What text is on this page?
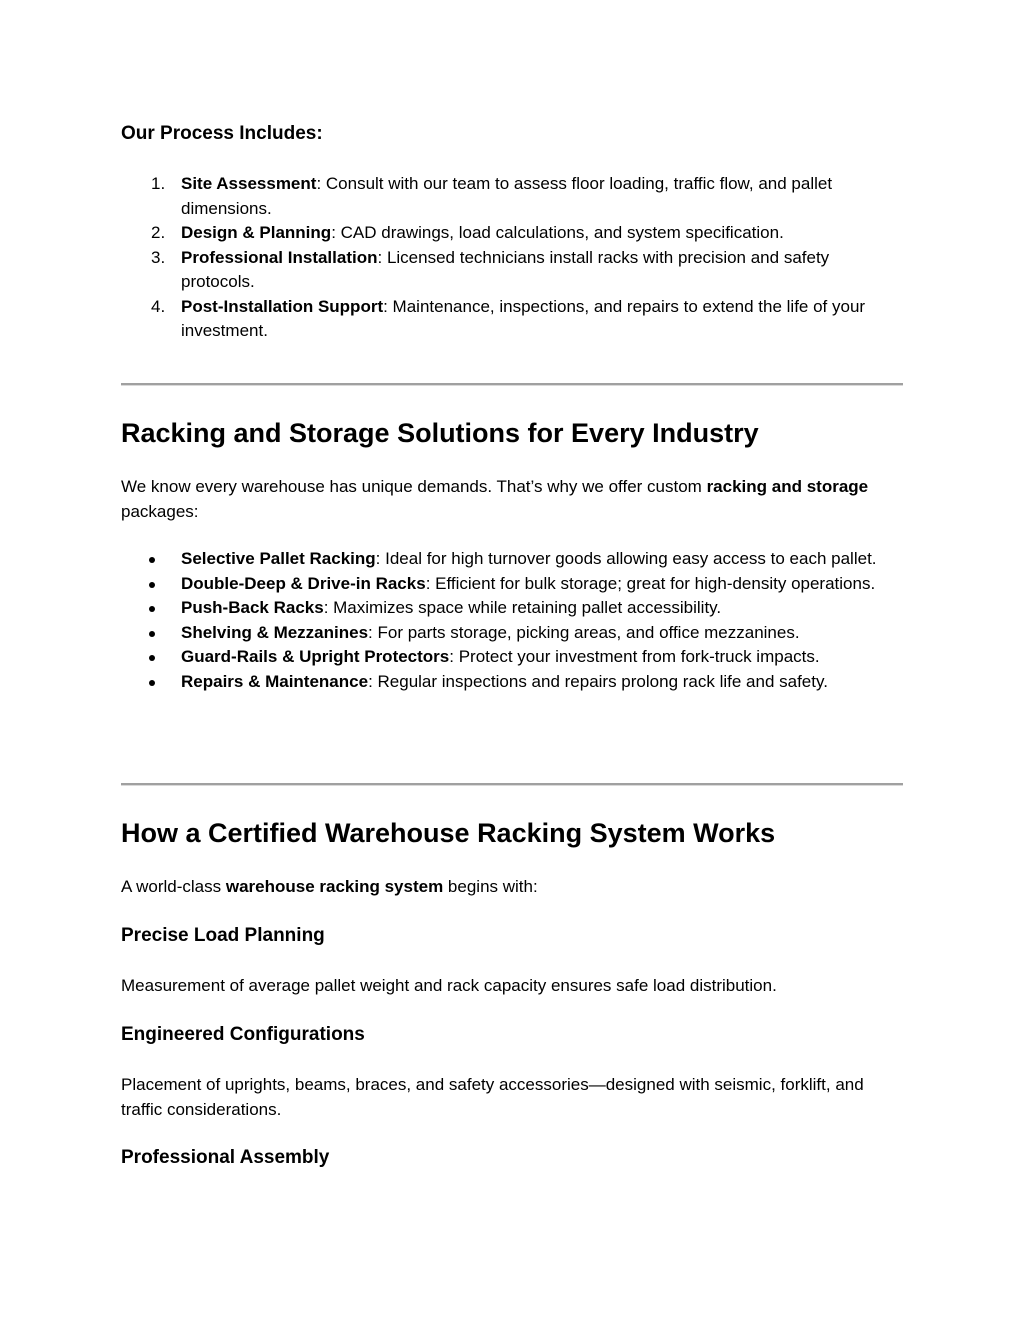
Our Process Includes:
1. Site Assessment: Consult with our team to assess floor loading, traffic flow, and pallet dimensions.
2. Design & Planning: CAD drawings, load calculations, and system specification.
3. Professional Installation: Licensed technicians install racks with precision and safety protocols.
4. Post-Installation Support: Maintenance, inspections, and repairs to extend the life of your investment.
Racking and Storage Solutions for Every Industry

We know every warehouse has unique demands. That’s why we offer custom racking and storage packages:

Selective Pallet Racking: Ideal for high turnover goods allowing easy access to each pallet.
Double-Deep & Drive-in Racks: Efficient for bulk storage; great for high-density operations.
Push-Back Racks: Maximizes space while retaining pallet accessibility.
Shelving & Mezzanines: For parts storage, picking areas, and office mezzanines.
Guard-Rails & Upright Protectors: Protect your investment from fork-truck impacts.
Repairs & Maintenance: Regular inspections and repairs prolong rack life and safety.
How a Certified Warehouse Racking System Works

A world-class warehouse racking system begins with:

Precise Load Planning

Measurement of average pallet weight and rack capacity ensures safe load distribution.

Engineered Configurations

Placement of uprights, beams, braces, and safety accessories—designed with seismic, forklift, and traffic considerations.

Professional Assembly
